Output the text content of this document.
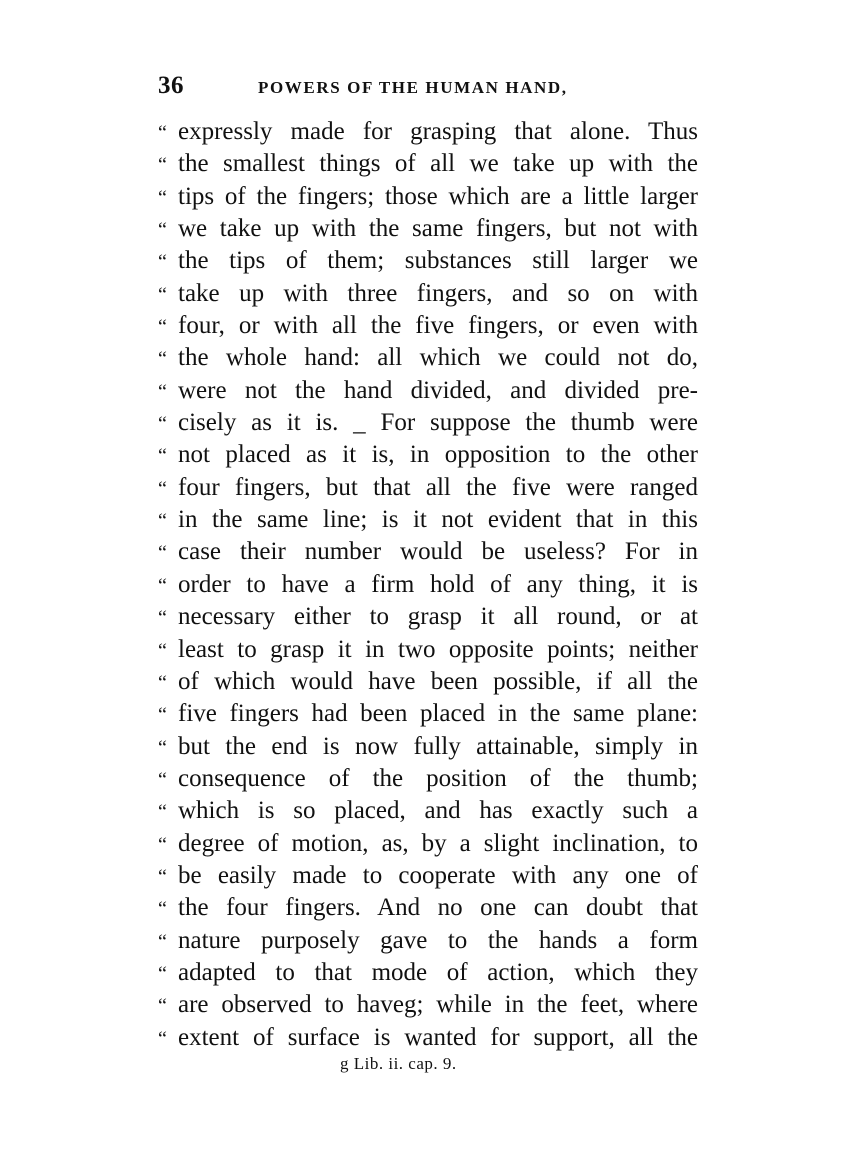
36	POWERS OF THE HUMAN HAND,
“ expressly made for grasping that alone. Thus
“ the smallest things of all we take up with the
“ tips of the fingers; those which are a little larger
“ we take up with the same fingers, but not with
“ the tips of them; substances still larger we
“ take up with three fingers, and so on with
“ four, or with all the five fingers, or even with
“ the whole hand: all which we could not do,
“ were not the hand divided, and divided pre-
“ cisely as it is. _ For suppose the thumb were
“ not placed as it is, in opposition to the other
“ four fingers, but that all the five were ranged
“ in the same line; is it not evident that in this
“ case their number would be useless? For in
“ order to have a firm hold of any thing, it is
“ necessary either to grasp it all round, or at
“ least to grasp it in two opposite points; neither
“ of which would have been possible, if all the
“ five fingers had been placed in the same plane:
“ but the end is now fully attainable, simply in
“ consequence of the position of the thumb;
“ which is so placed, and has exactly such a
“ degree of motion, as, by a slight inclination, to
“ be easily made to cooperate with any one of
“ the four fingers. And no one can doubt that
“ nature purposely gave to the hands a form
“ adapted to that mode of action, which they
“ are observed to haveg; while in the feet, where
“ extent of surface is wanted for support, all the
g Lib. ii. cap. 9.
